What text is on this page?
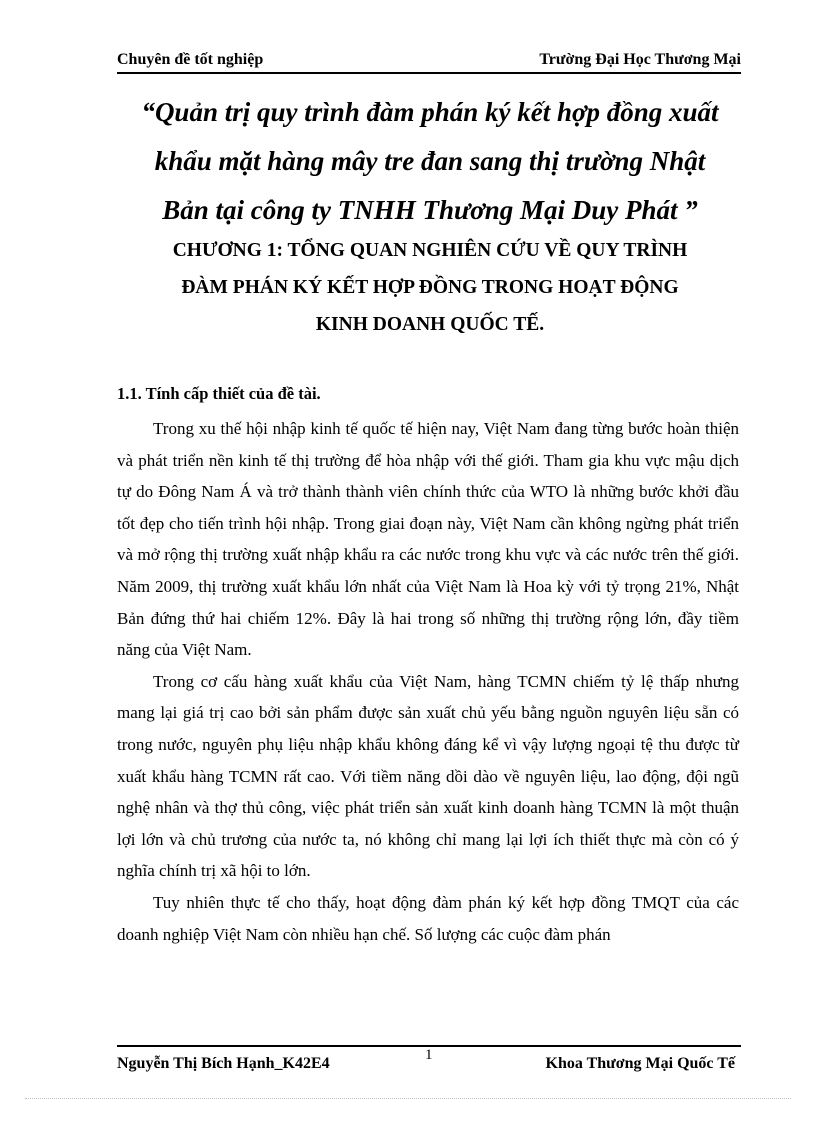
Chuyên đề tốt nghiệp	Trường Đại Học Thương Mại
“Quản trị quy trình đàm phán ký kết hợp đồng xuất
khẩu mặt hàng mây tre đan sang thị trường Nhật
Bản tại công ty TNHH Thương Mại Duy Phát ”
CHƯƠNG 1: TỔNG QUAN NGHIÊN CỨU VỀ QUY TRÌNH
ĐÀM PHÁN KÝ KẾT HỢP ĐỒNG TRONG HOẠT ĐỘNG
KINH DOANH QUỐC TẾ.
1.1. Tính cấp thiết của đề tài.

Trong xu thế hội nhập kinh tế quốc tế hiện nay, Việt Nam đang từng bước hoàn thiện và phát triển nền kinh tế thị trường để hòa nhập với thế giới. Tham gia khu vực mậu dịch tự do Đông Nam Á và trở thành thành viên chính thức của WTO là những bước khởi đầu tốt đẹp cho tiến trình hội nhập. Trong giai đoạn này, Việt Nam cần không ngừng phát triển và mở rộng thị trường xuất nhập khẩu ra các nước trong khu vực và các nước trên thế giới. Năm 2009, thị trường xuất khẩu lớn nhất của Việt Nam là Hoa kỳ với tỷ trọng 21%, Nhật Bản đứng thứ hai chiếm 12%. Đây là hai trong số những thị trường rộng lớn, đầy tiềm năng của Việt Nam.

Trong cơ cấu hàng xuất khẩu của Việt Nam, hàng TCMN chiếm tỷ lệ thấp nhưng mang lại giá trị cao bởi sản phẩm được sản xuất chủ yếu bằng nguồn nguyên liệu sẵn có trong nước, nguyên phụ liệu nhập khẩu không đáng kể vì vậy lượng ngoại tệ thu được từ xuất khẩu hàng TCMN rất cao. Với tiềm năng dồi dào về nguyên liệu, lao động, đội ngũ nghệ nhân và thợ thủ công, việc phát triển sản xuất kinh doanh hàng TCMN là một thuận lợi lớn và chủ trương của nước ta, nó không chỉ mang lại lợi ích thiết thực mà còn có ý nghĩa chính trị xã hội to lớn.

Tuy nhiên thực tế cho thấy, hoạt động đàm phán ký kết hợp đồng TMQT của các doanh nghiệp Việt Nam còn nhiều hạn chế. Số lượng các cuộc đàm phán

Nguyễn Thị Bích Hạnh_K42E4	1	Khoa Thương Mại Quốc Tế
